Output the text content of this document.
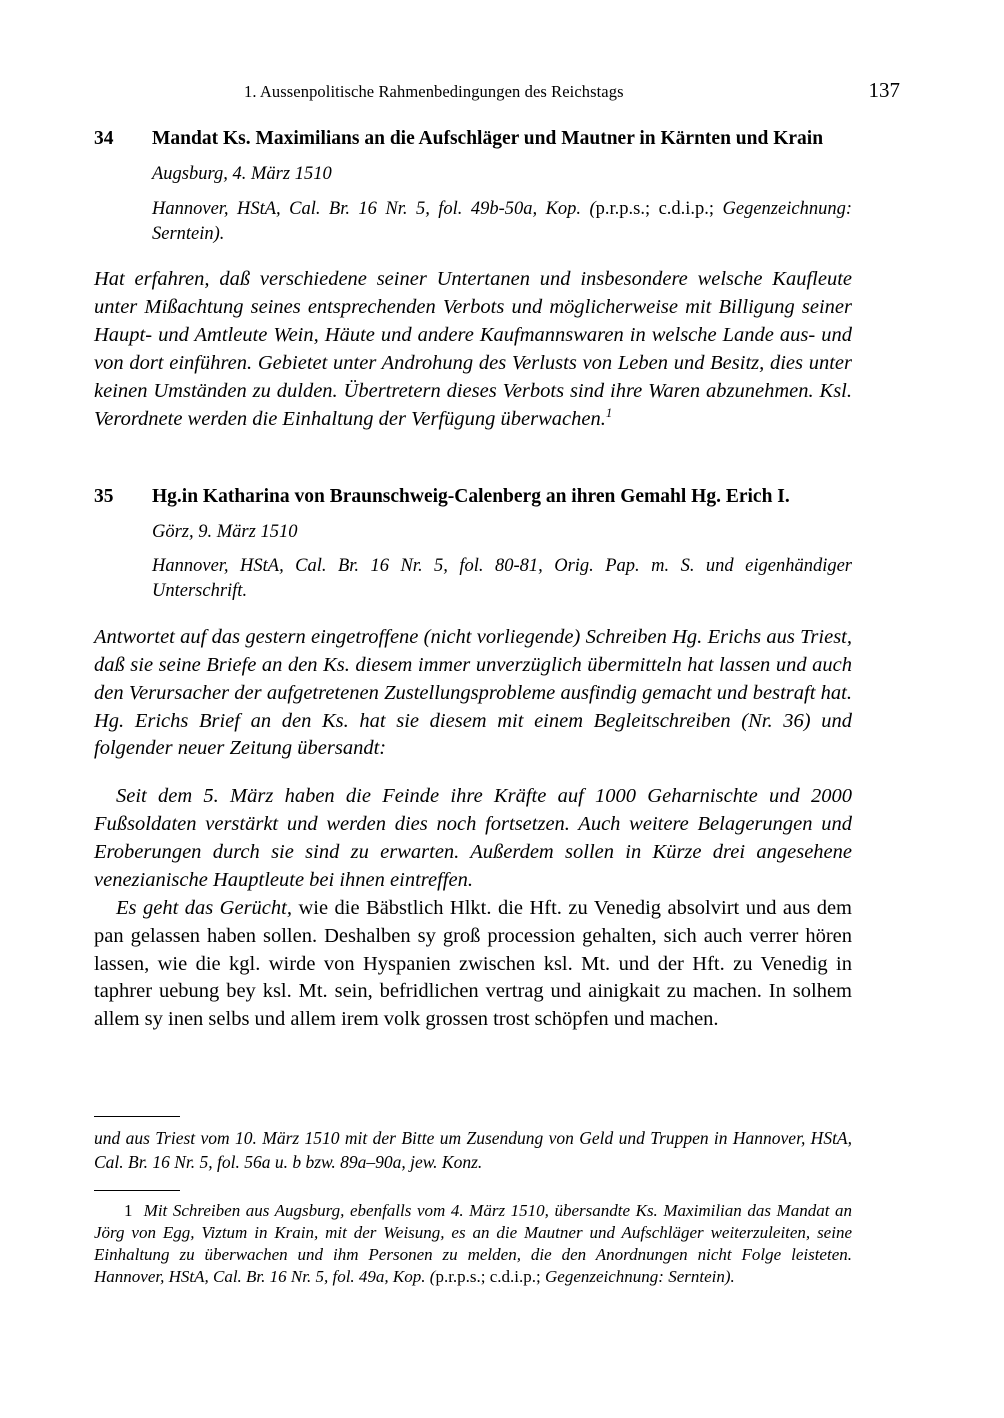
1. Aussenpolitische Rahmenbedingungen des Reichstags	137
34	Mandat Ks. Maximilians an die Aufschläger und Mautner in Kärnten und Krain
Augsburg, 4. März 1510
Hannover, HStA, Cal. Br. 16 Nr. 5, fol. 49b-50a, Kop. (p.r.p.s.; c.d.i.p.; Gegenzeichnung: Serntein).
Hat erfahren, daß verschiedene seiner Untertanen und insbesondere welsche Kaufleute unter Mißachtung seines entsprechenden Verbots und möglicherweise mit Billigung seiner Haupt- und Amtleute Wein, Häute und andere Kaufmannswaren in welsche Lande aus- und von dort einführen. Gebietet unter Androhung des Verlusts von Leben und Besitz, dies unter keinen Umständen zu dulden. Übertretern dieses Verbots sind ihre Waren abzunehmen. Ksl. Verordnete werden die Einhaltung der Verfügung überwachen.$^1$
35	Hg.in Katharina von Braunschweig-Calenberg an ihren Gemahl Hg. Erich I.
Görz, 9. März 1510
Hannover, HStA, Cal. Br. 16 Nr. 5, fol. 80-81, Orig. Pap. m. S. und eigenhändiger Unterschrift.
Antwortet auf das gestern eingetroffene (nicht vorliegende) Schreiben Hg. Erichs aus Triest, daß sie seine Briefe an den Ks. diesem immer unverzüglich übermitteln hat lassen und auch den Verursacher der aufgetretenen Zustellungsprobleme ausfindig gemacht und bestraft hat. Hg. Erichs Brief an den Ks. hat sie diesem mit einem Begleitschreiben (Nr. 36) und folgender neuer Zeitung übersandt:
Seit dem 5. März haben die Feinde ihre Kräfte auf 1000 Geharnischte und 2000 Fußsoldaten verstärkt und werden dies noch fortsetzen. Auch weitere Belagerungen und Eroberungen durch sie sind zu erwarten. Außerdem sollen in Kürze drei angesehene venezianische Hauptleute bei ihnen eintreffen.
Es geht das Gerücht, wie die Bäbstlich Hlkt. die Hft. zu Venedig absolvirt und aus dem pan gelassen haben sollen. Deshalben sy groß procession gehalten, sich auch verrer hören lassen, wie die kgl. wirde von Hyspanien zwischen ksl. Mt. und der Hft. zu Venedig in taphrer uebung bey ksl. Mt. sein, befridlichen vertrag und ainigkait zu machen. In solhem allem sy inen selbs und allem irem volk grossen trost schöpfen und machen.
und aus Triest vom 10. März 1510 mit der Bitte um Zusendung von Geld und Truppen in Hannover, HStA, Cal. Br. 16 Nr. 5, fol. 56a u. b bzw. 89a–90a, jew. Konz.
1 Mit Schreiben aus Augsburg, ebenfalls vom 4. März 1510, übersandte Ks. Maximilian das Mandat an Jörg von Egg, Viztum in Krain, mit der Weisung, es an die Mautner und Aufschläger weiterzuleiten, seine Einhaltung zu überwachen und ihm Personen zu melden, die den Anordnungen nicht Folge leisteten. Hannover, HStA, Cal. Br. 16 Nr. 5, fol. 49a, Kop. (p.r.p.s.; c.d.i.p.; Gegenzeichnung: Serntein).
